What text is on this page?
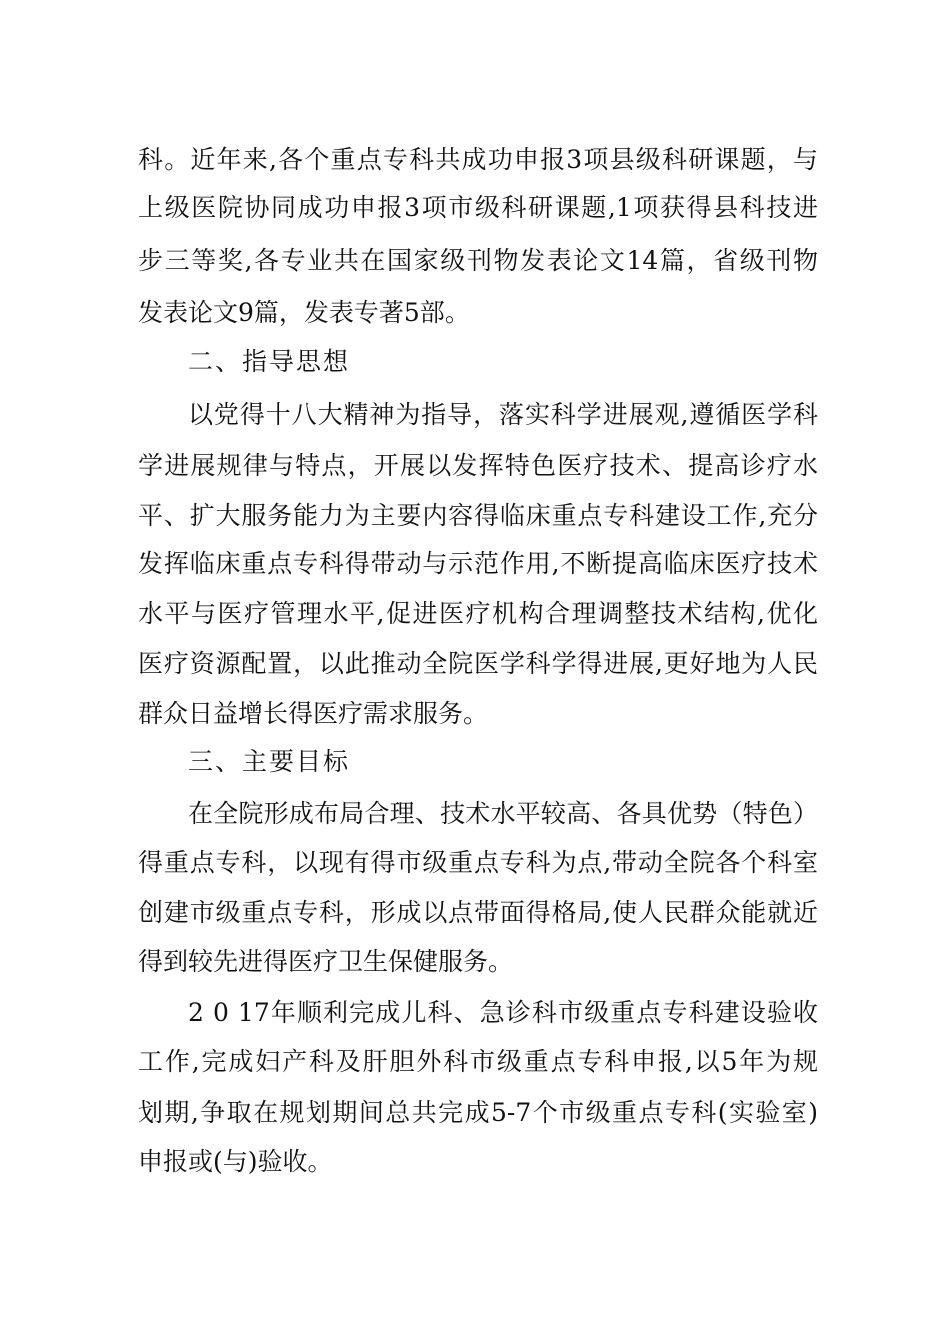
科。近年来,各个重点专科共成功申报3项县级科研课题，与
上级医院协同成功申报3项市级科研课题,1项获得县科技进
步三等奖,各专业共在国家级刊物发表论文14篇，省级刊物
发表论文9篇，发表专著5部。
二、指导思想
以党得十八大精神为指导，落实科学进展观,遵循医学科
学进展规律与特点，开展以发挥特色医疗技术、提高诊疗水
平、扩大服务能力为主要内容得临床重点专科建设工作,充分
发挥临床重点专科得带动与示范作用,不断提高临床医疗技术
水平与医疗管理水平,促进医疗机构合理调整技术结构,优化
医疗资源配置，以此推动全院医学科学得进展,更好地为人民
群众日益增长得医疗需求服务。
三、主要目标
在全院形成布局合理、技术水平较高、各具优势（特色）
得重点专科，以现有得市级重点专科为点,带动全院各个科室
创建市级重点专科，形成以点带面得格局,使人民群众能就近
得到较先进得医疗卫生保健服务。
2 0 17年顺利完成儿科、急诊科市级重点专科建设验收
工作,完成妇产科及肝胆外科市级重点专科申报,以5年为规
划期,争取在规划期间总共完成5-7个市级重点专科(实验室)
申报或(与)验收。
